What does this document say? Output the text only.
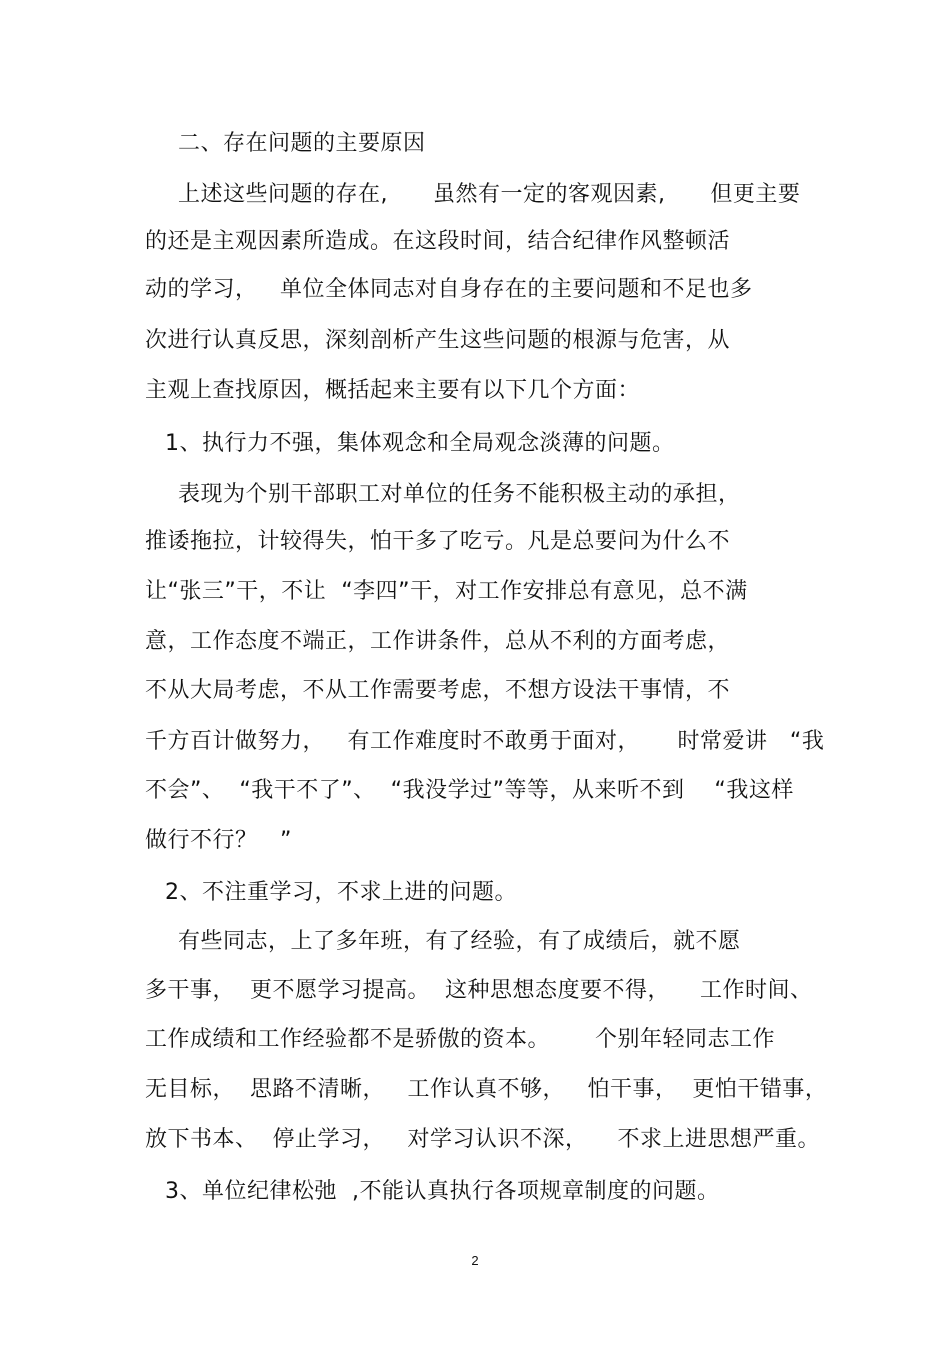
二、存在问题的主要原因
上述这些问题的存在,      虽然有一定的客观因素,      但更主要
的还是主观因素所造成。在这段时间，结合纪律作风整顿活
动的学习，   单位全体同志对自身存在的主要问题和不足也多
次进行认真反思，深刻剖析产生这些问题的根源与危害，从
主观上查找原因，概括起来主要有以下几个方面：
1、执行力不强，集体观念和全局观念淡薄的问题。
表现为个别干部职工对单位的任务不能积极主动的承担，
推诿拖拉，计较得失，怕干多了吃亏。凡是总要问为什么不
让“张三”干，不让  “李四”干，对工作安排总有意见，总不满
意，工作态度不端正，工作讲条件，总从不利的方面考虑，
不从大局考虑，不从工作需要考虑，不想方设法干事情，不
千方百计做努力，   有工作难度时不敢勇于面对，     时常爱讲   “我
不会”、  “我干不了”、  “我没学过”等等，从来听不到    “我这样
做行不行？   ”
2、不注重学习，不求上进的问题。
有些同志，上了多年班，有了经验，有了成绩后，就不愿
多干事，  更不愿学习提高。  这种思想态度要不得，    工作时间、
工作成绩和工作经验都不是骄傲的资本。      个别年轻同志工作
无目标，  思路不清晰，   工作认真不够，   怕干事，  更怕干错事，
放下书本、  停止学习，   对学习认识不深，    不求上进思想严重。
3、单位纪律松弛  ,不能认真执行各项规章制度的问题。
2
